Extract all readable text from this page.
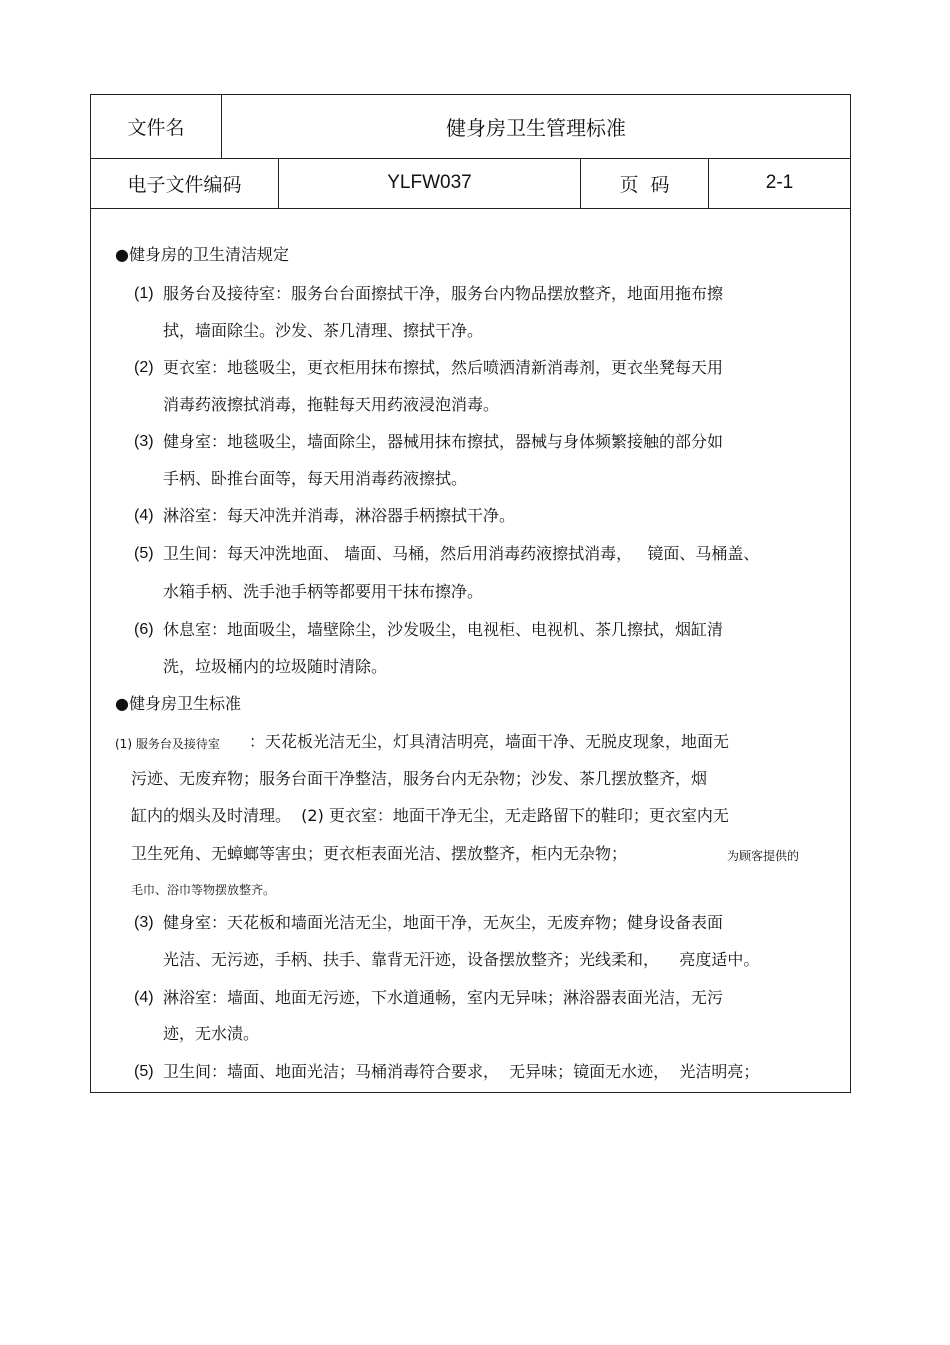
文件名	健身房卫生管理标准
电子文件编码	YLFW037	页  码	2-1
●健身房的卫生清洁规定
(1) 服务台及接待室：服务台台面擦拭干净，服务台内物品摆放整齐，地面用拖布擦
拭，墙面除尘。沙发、茶几清理、擦拭干净。
(2) 更衣室：地毯吸尘，更衣柜用抹布擦拭，然后喷洒清新消毒剂，更衣坐凳每天用
消毒药液擦拭消毒，拖鞋每天用药液浸泡消毒。
(3) 健身室：地毯吸尘，墙面除尘，器械用抹布擦拭，器械与身体频繁接触的部分如
手柄、卧推台面等，每天用消毒药液擦拭。
(4) 淋浴室：每天冲洗并消毒，淋浴器手柄擦拭干净。
(5) 卫生间：每天冲洗地面、 墙面、马桶，然后用消毒药液擦拭消毒，   镜面、马桶盖、
水箱手柄、洗手池手柄等都要用干抹布擦净。
(6) 休息室：地面吸尘，墙壁除尘，沙发吸尘，电视柜、电视机、茶几擦拭，烟缸清
洗，垃圾桶内的垃圾随时清除。
●健身房卫生标准
(1) 服务台及接待室 ：天花板光洁无尘，灯具清洁明亮，墙面干净、无脱皮现象，地面无
污迹、无废弃物；服务台面干净整洁，服务台内无杂物；沙发、茶几摆放整齐，烟
缸内的烟头及时清理。  (2) 更衣室：地面干净无尘，无走路留下的鞋印；更衣室内无
卫生死角、无蟑螂等害虫；更衣柜表面光洁、摆放整齐，柜内无杂物；	为顾客提供的
毛巾、浴巾等物摆放整齐。
(3) 健身室：天花板和墙面光洁无尘，地面干净，无灰尘，无废弃物；健身设备表面
光洁、无污迹，手柄、扶手、靠背无汗迹，设备摆放整齐；光线柔和，    亮度适中。
(4) 淋浴室：墙面、地面无污迹，下水道通畅，室内无异味；淋浴器表面光洁，无污
迹，无水渍。
(5) 卫生间：墙面、地面光洁；马桶消毒符合要求，  无异味；镜面无水迹，  光洁明亮；
